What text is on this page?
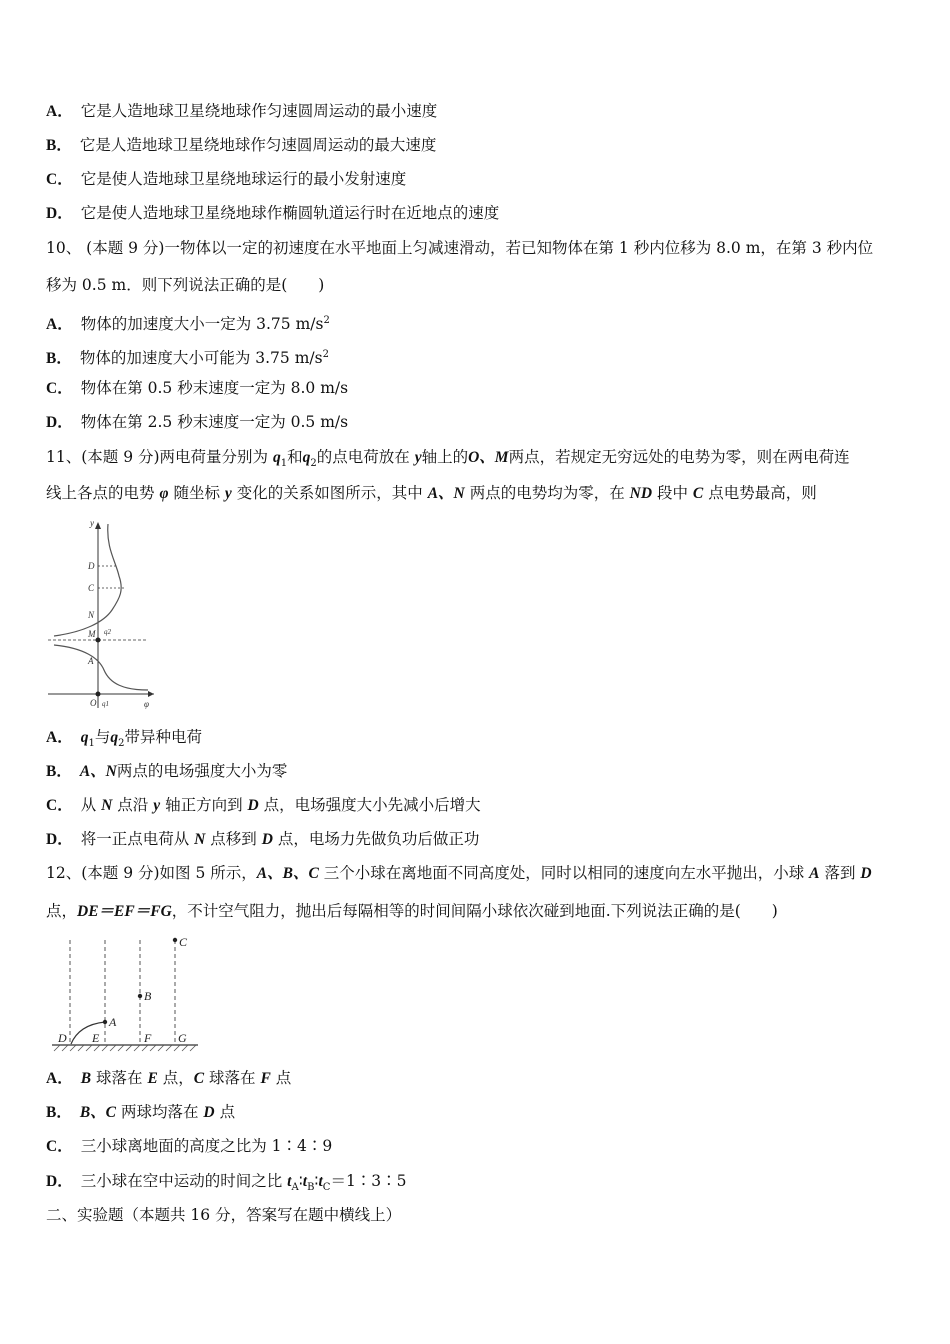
A． 它是人造地球卫星绕地球作匀速圆周运动的最小速度
B． 它是人造地球卫星绕地球作匀速圆周运动的最大速度
C． 它是使人造地球卫星绕地球运行的最小发射速度
D． 它是使人造地球卫星绕地球作椭圆轨道运行时在近地点的速度
10、 (本题 9 分)一物体以一定的初速度在水平地面上匀减速滑动，若已知物体在第 1 秒内位移为 8.0 m，在第 3 秒内位
移为 0.5 m．则下列说法正确的是(　　)
A． 物体的加速度大小一定为 3.75 $m/s^2$
B． 物体的加速度大小可能为 3.75 $m/s^2$
C． 物体在第 0.5 秒末速度一定为 8.0 m/s
D． 物体在第 2.5 秒末速度一定为 0.5 m/s
11、(本题 9 分)两电荷量分别为 $q_1$和$q_2$的点电荷放在 y轴上的O、M两点，若规定无穷远处的电势为零，则在两电荷连
线上各点的电势 φ 随坐标 y 变化的关系如图所示，其中 A、N 两点的电势均为零，在 ND 段中 C 点电势最高，则
y
D
C
N
M q2
A
O q1	φ
A． $q_1$与$q_2$带异种电荷
B． A、N两点的电场强度大小为零
C． 从 N 点沿 y 轴正方向到 D 点，电场强度大小先减小后增大
D． 将一正点电荷从 N 点移到 D 点，电场力先做负功后做正功
12、(本题 9 分)如图 5 所示，A、B、C 三个小球在离地面不同高度处，同时以相同的速度向左水平抛出，小球 A 落到 D
点，DE＝EF＝FG，不计空气阻力，抛出后每隔相等的时间间隔小球依次碰到地面.下列说法正确的是(　　)
C
B
A
D E	F G
A． B 球落在 E 点，C 球落在 F 点
B． B、C 两球均落在 D 点
C． 三小球离地面的高度之比为 1∶4∶9
D． 三小球在空中运动的时间之比 $t_A∶t_B∶t_C=1∶3∶5$
二、实验题（本题共 16 分，答案写在题中横线上）
